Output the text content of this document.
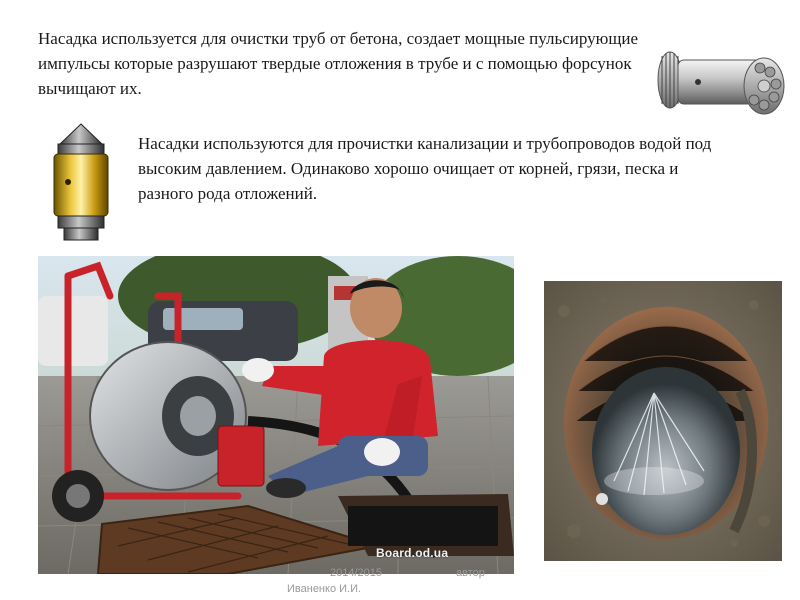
Насадка используется для очистки труб от бетона, создает мощные пульсирующие импульсы которые разрушают твердые отложения в трубе и с помощью форсунок вычищают их.

Насадки используются для прочистки канализации и трубопроводов водой под высоким давлением. Одинаково хорошо очищает от корней, грязи, песка и разного рода отложений.

Board.od.ua
2014/2015	автор
Иваненко И.И.
